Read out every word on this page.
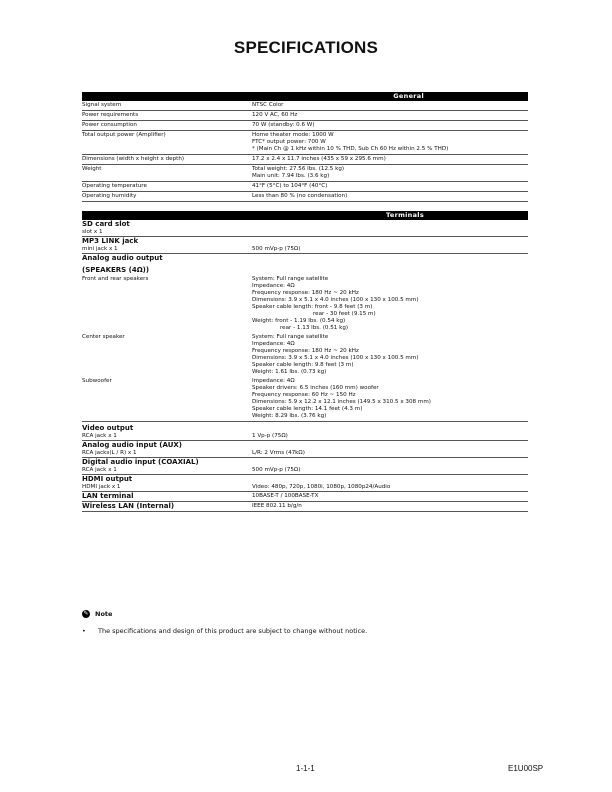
SPECIFICATIONS
General
Signal system	NTSC Color
Power requirements	120 V AC, 60 Hz
Power consumption	70 W (standby: 0.6 W)
Total output power (Amplifier)	Home theater mode: 1000 W
FTC* output power: 700 W
* (Main Ch @ 1 kHz within 10 % THD, Sub Ch 60 Hz within 2.5 % THD)
Dimensions (width x height x depth)	17.2 x 2.4 x 11.7 inches (435 x 59 x 295.6 mm)
Weight	Total weight: 27.56 lbs. (12.5 kg)
Main unit: 7.94 lbs. (3.6 kg)
Operating temperature	41°F (5°C) to 104°F (40°C)
Operating humidity	Less than 80 % (no condensation)
Terminals
SD card slot
slot x 1
MP3 LINK jack
mini jack x 1	500 mVp-p (75Ω)
Analog audio output
(SPEAKERS (4Ω))
Front and rear speakers	System: Full range satellite
Impedance: 4Ω
Frequency response: 180 Hz ~ 20 kHz
Dimensions: 3.9 x 5.1 x 4.0 inches (100 x 130 x 100.5 mm)
Speaker cable length: front - 9.8 feet (3 m)
rear - 30 feet (9.15 m)
Weight: front - 1.19 lbs. (0.54 kg)
rear - 1.13 lbs. (0.51 kg)
Center speaker	System: Full range satellite
Impedance: 4Ω
Frequency response: 180 Hz ~ 20 kHz
Dimensions: 3.9 x 5.1 x 4.0 inches (100 x 130 x 100.5 mm)
Speaker cable length: 9.8 feet (3 m)
Weight: 1.61 lbs. (0.73 kg)
Subwoofer	Impedance: 4Ω
Speaker drivers: 6.5 inches (160 mm) woofer
Frequency response: 60 Hz ~ 150 Hz
Dimensions: 5.9 x 12.2 x 12.1 inches (149.5 x 310.5 x 308 mm)
Speaker cable length: 14.1 feet (4.3 m)
Weight: 8.29 lbs. (3.76 kg)
Video output
RCA jack x 1	1 Vp-p (75Ω)
Analog audio input (AUX)
RCA jacks(L / R) x 1	L/R: 2 Vrms (47kΩ)
Digital audio input (COAXIAL)
RCA jack x 1	500 mVp-p (75Ω)
HDMI output
HDMI jack x 1	Video: 480p, 720p, 1080i, 1080p, 1080p24/Audio
LAN terminal	10BASE-T / 100BASE-TX
Wireless LAN (Internal)	IEEE 802.11 b/g/n
✎ Note
• The specifications and design of this product are subject to change without notice.
1-1-1	E1U00SP
